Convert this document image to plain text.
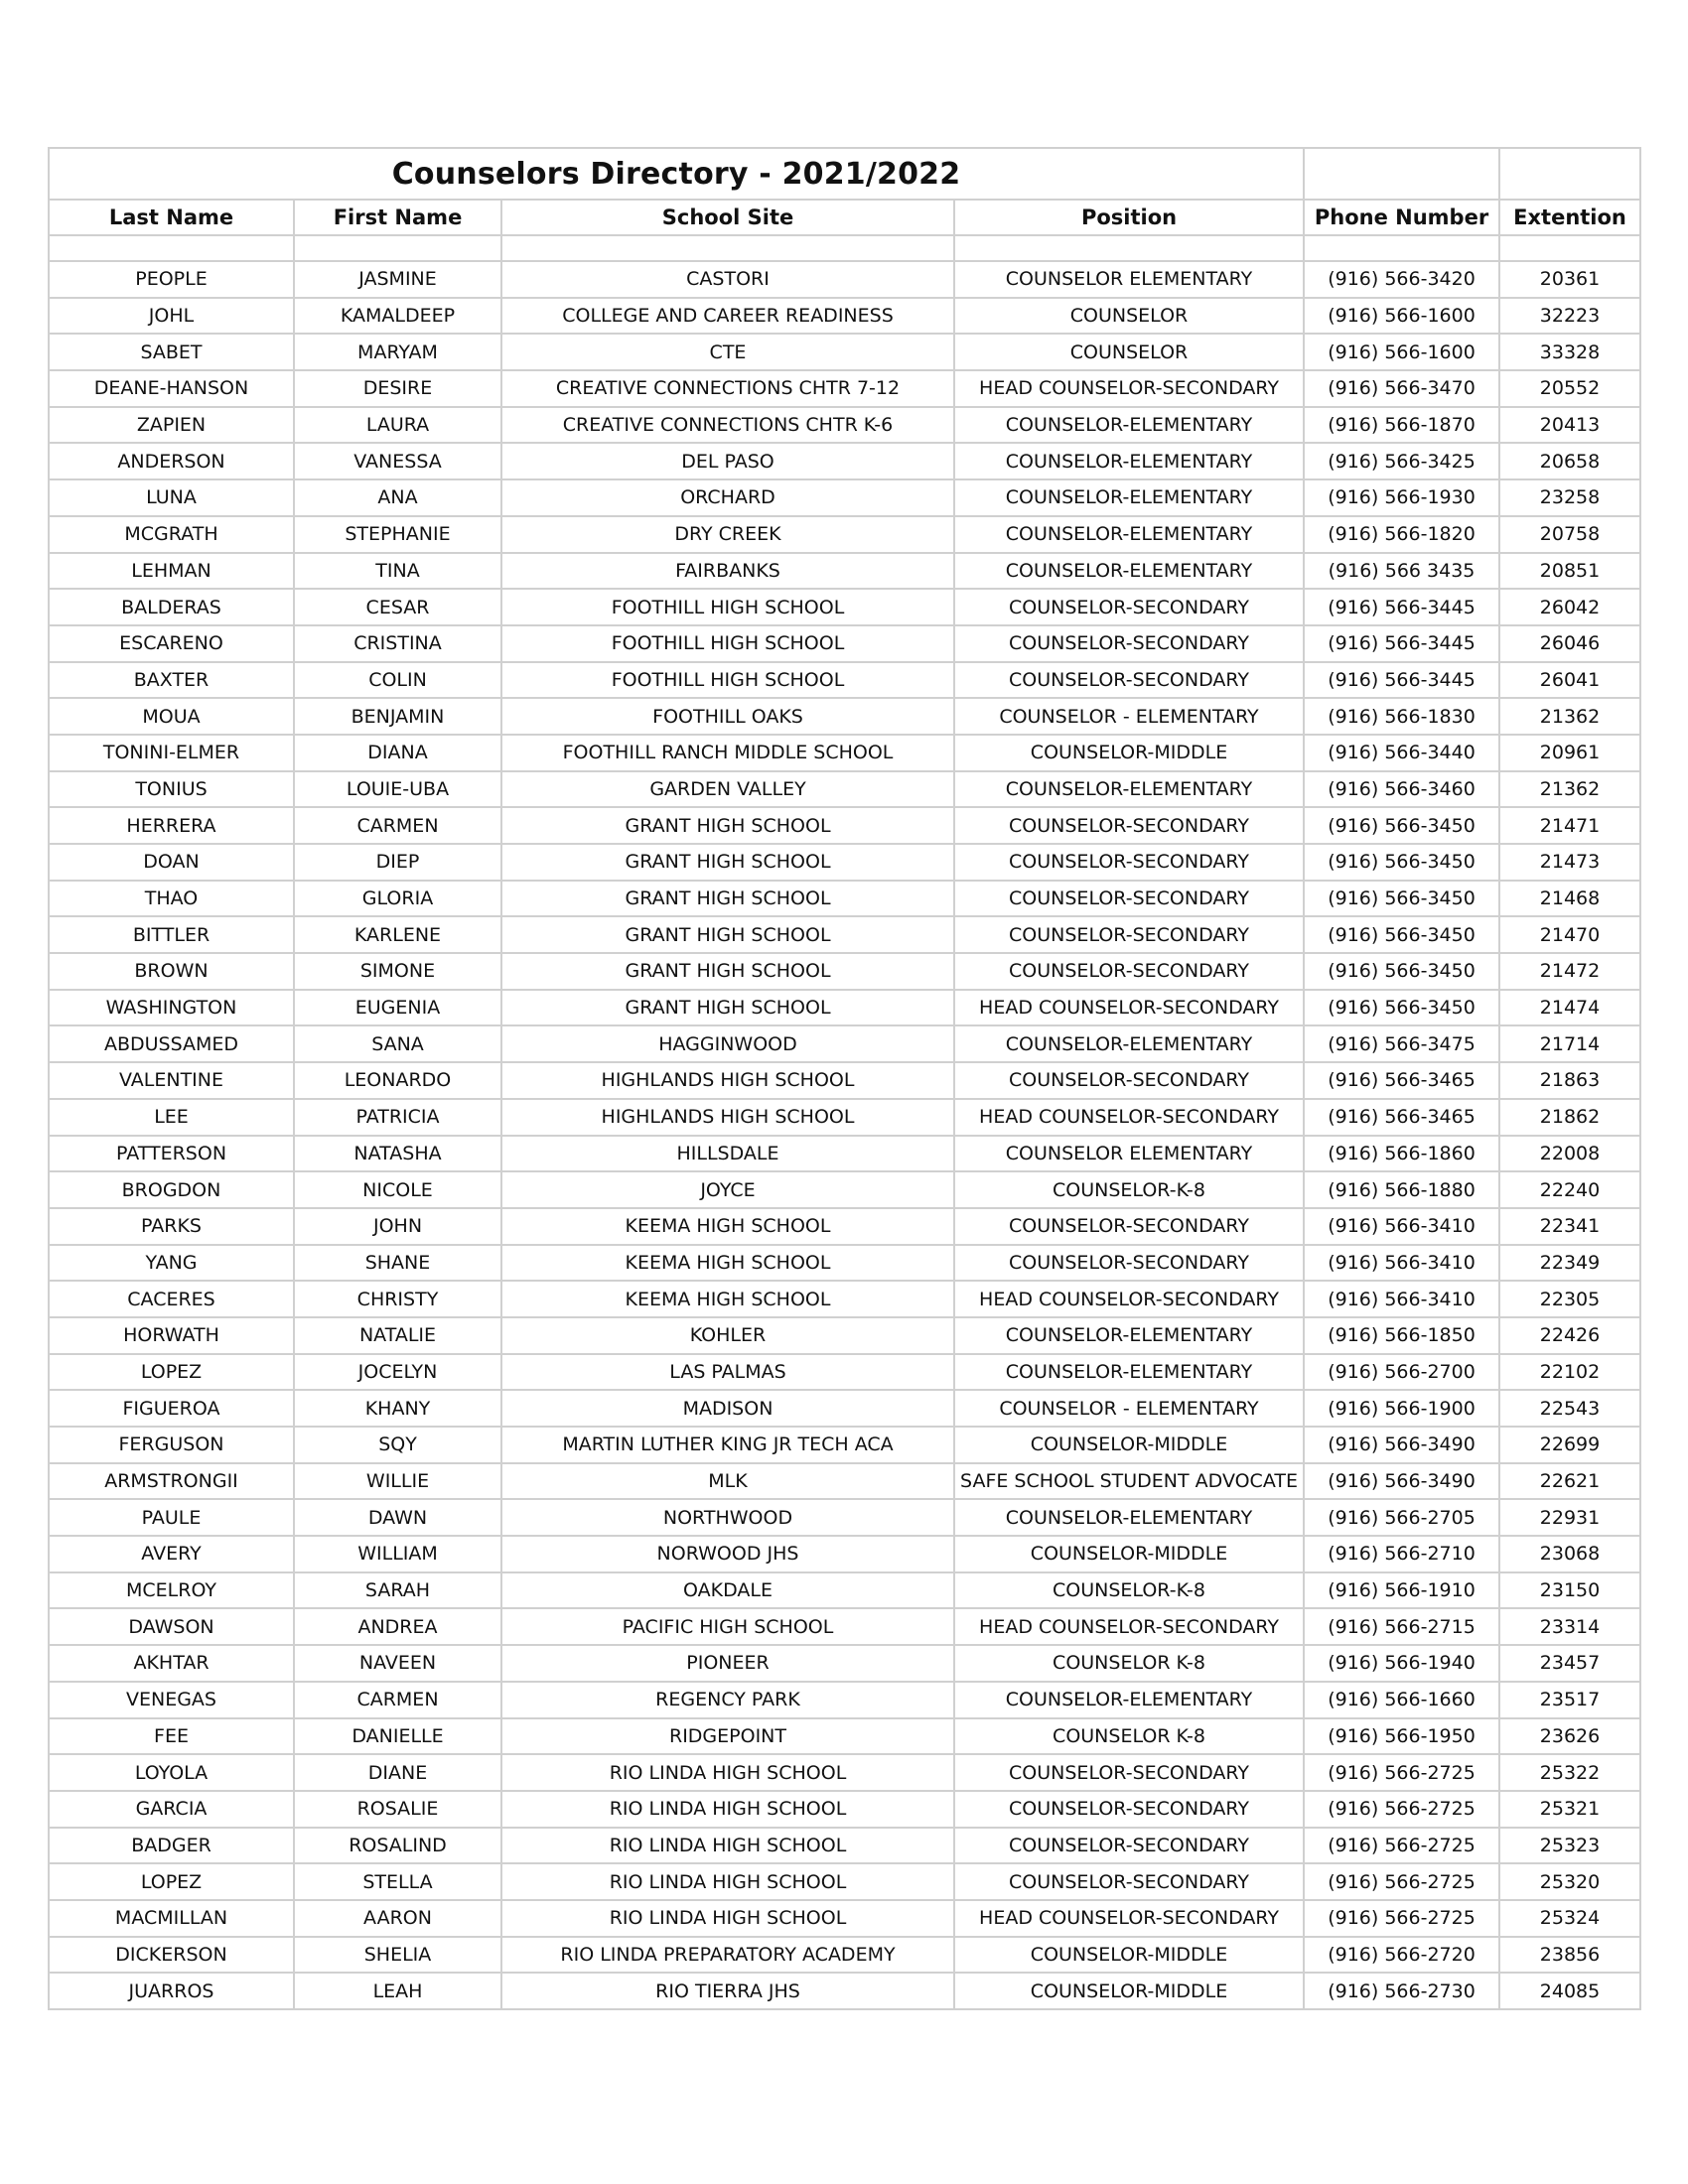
Counselors Directory - 2021/2022					
Last Name	First Name	School Site	Position	Phone Number	Extention

PEOPLE	JASMINE	CASTORI	COUNSELOR ELEMENTARY	(916) 566-3420	20361
JOHL	KAMALDEEP	COLLEGE AND CAREER READINESS	COUNSELOR	(916) 566-1600	32223
SABET	MARYAM	CTE	COUNSELOR	(916) 566-1600	33328
DEANE-HANSON	DESIRE	CREATIVE CONNECTIONS CHTR 7-12	HEAD COUNSELOR-SECONDARY	(916) 566-3470	20552
ZAPIEN	LAURA	CREATIVE CONNECTIONS CHTR K-6	COUNSELOR-ELEMENTARY	(916) 566-1870	20413
ANDERSON	VANESSA	DEL PASO	COUNSELOR-ELEMENTARY	(916) 566-3425	20658
LUNA	ANA	ORCHARD	COUNSELOR-ELEMENTARY	(916) 566-1930	23258
MCGRATH	STEPHANIE	DRY CREEK	COUNSELOR-ELEMENTARY	(916) 566-1820	20758
LEHMAN	TINA	FAIRBANKS	COUNSELOR-ELEMENTARY	(916) 566 3435	20851
BALDERAS	CESAR	FOOTHILL HIGH SCHOOL	COUNSELOR-SECONDARY	(916) 566-3445	26042
ESCARENO	CRISTINA	FOOTHILL HIGH SCHOOL	COUNSELOR-SECONDARY	(916) 566-3445	26046
BAXTER	COLIN	FOOTHILL HIGH SCHOOL	COUNSELOR-SECONDARY	(916) 566-3445	26041
MOUA	BENJAMIN	FOOTHILL OAKS	COUNSELOR - ELEMENTARY	(916) 566-1830	21362
TONINI-ELMER	DIANA	FOOTHILL RANCH MIDDLE SCHOOL	COUNSELOR-MIDDLE	(916) 566-3440	20961
TONIUS	LOUIE-UBA	GARDEN VALLEY	COUNSELOR-ELEMENTARY	(916) 566-3460	21362
HERRERA	CARMEN	GRANT HIGH SCHOOL	COUNSELOR-SECONDARY	(916) 566-3450	21471
DOAN	DIEP	GRANT HIGH SCHOOL	COUNSELOR-SECONDARY	(916) 566-3450	21473
THAO	GLORIA	GRANT HIGH SCHOOL	COUNSELOR-SECONDARY	(916) 566-3450	21468
BITTLER	KARLENE	GRANT HIGH SCHOOL	COUNSELOR-SECONDARY	(916) 566-3450	21470
BROWN	SIMONE	GRANT HIGH SCHOOL	COUNSELOR-SECONDARY	(916) 566-3450	21472
WASHINGTON	EUGENIA	GRANT HIGH SCHOOL	HEAD COUNSELOR-SECONDARY	(916) 566-3450	21474
ABDUSSAMED	SANA	HAGGINWOOD	COUNSELOR-ELEMENTARY	(916) 566-3475	21714
VALENTINE	LEONARDO	HIGHLANDS HIGH SCHOOL	COUNSELOR-SECONDARY	(916) 566-3465	21863
LEE	PATRICIA	HIGHLANDS HIGH SCHOOL	HEAD COUNSELOR-SECONDARY	(916) 566-3465	21862
PATTERSON	NATASHA	HILLSDALE	COUNSELOR ELEMENTARY	(916) 566-1860	22008
BROGDON	NICOLE	JOYCE	COUNSELOR-K-8	(916) 566-1880	22240
PARKS	JOHN	KEEMA HIGH SCHOOL	COUNSELOR-SECONDARY	(916) 566-3410	22341
YANG	SHANE	KEEMA HIGH SCHOOL	COUNSELOR-SECONDARY	(916) 566-3410	22349
CACERES	CHRISTY	KEEMA HIGH SCHOOL	HEAD COUNSELOR-SECONDARY	(916) 566-3410	22305
HORWATH	NATALIE	KOHLER	COUNSELOR-ELEMENTARY	(916) 566-1850	22426
LOPEZ	JOCELYN	LAS PALMAS	COUNSELOR-ELEMENTARY	(916) 566-2700	22102
FIGUEROA	KHANY	MADISON	COUNSELOR - ELEMENTARY	(916) 566-1900	22543
FERGUSON	SQY	MARTIN LUTHER KING JR TECH ACA	COUNSELOR-MIDDLE	(916) 566-3490	22699
ARMSTRONGII	WILLIE	MLK	SAFE SCHOOL STUDENT ADVOCATE	(916) 566-3490	22621
PAULE	DAWN	NORTHWOOD	COUNSELOR-ELEMENTARY	(916) 566-2705	22931
AVERY	WILLIAM	NORWOOD JHS	COUNSELOR-MIDDLE	(916) 566-2710	23068
MCELROY	SARAH	OAKDALE	COUNSELOR-K-8	(916) 566-1910	23150
DAWSON	ANDREA	PACIFIC HIGH SCHOOL	HEAD COUNSELOR-SECONDARY	(916) 566-2715	23314
AKHTAR	NAVEEN	PIONEER	COUNSELOR K-8	(916) 566-1940	23457
VENEGAS	CARMEN	REGENCY PARK	COUNSELOR-ELEMENTARY	(916) 566-1660	23517
FEE	DANIELLE	RIDGEPOINT	COUNSELOR K-8	(916) 566-1950	23626
LOYOLA	DIANE	RIO LINDA HIGH SCHOOL	COUNSELOR-SECONDARY	(916) 566-2725	25322
GARCIA	ROSALIE	RIO LINDA HIGH SCHOOL	COUNSELOR-SECONDARY	(916) 566-2725	25321
BADGER	ROSALIND	RIO LINDA HIGH SCHOOL	COUNSELOR-SECONDARY	(916) 566-2725	25323
LOPEZ	STELLA	RIO LINDA HIGH SCHOOL	COUNSELOR-SECONDARY	(916) 566-2725	25320
MACMILLAN	AARON	RIO LINDA HIGH SCHOOL	HEAD COUNSELOR-SECONDARY	(916) 566-2725	25324
DICKERSON	SHELIA	RIO LINDA PREPARATORY ACADEMY	COUNSELOR-MIDDLE	(916) 566-2720	23856
JUARROS	LEAH	RIO TIERRA JHS	COUNSELOR-MIDDLE	(916) 566-2730	24085
